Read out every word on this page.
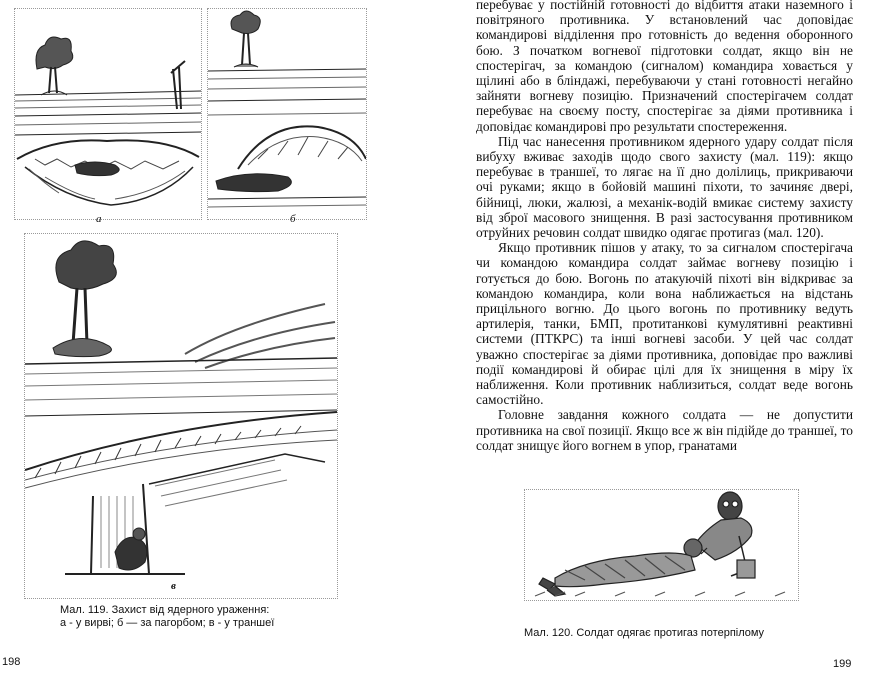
а	б
в
Мал. 119. Захист від ядерного ураження:
а - у вирві; б — за пагорбом; в - у траншеї
198

перебуває у постійній готовності до відбиття атаки наземного і повітряного противника. У встановлений час доповідає командирові відділення про готовність до ведення оборонного бою. З початком вогневої підготовки солдат, якщо він не спостерігач, за командою (сигналом) командира ховається у щілині або в бліндажі, перебуваючи у стані готовності негайно зайняти вогневу позицію. Призначений спостерігачем солдат перебуває на своєму посту, спостерігає за діями противника і доповідає командирові про результати спостереження.

Під час нанесення противником ядерного удару солдат після вибуху вживає заходів щодо свого захисту (мал. 119): якщо перебуває в траншеї, то лягає на її дно долілиць, прикриваючи очі руками; якщо в бойовій машині піхоти, то зачиняє двері, бійниці, люки, жалюзі, а механік-водій вмикає систему захисту від зброї масового знищення. В разі застосування противником отруйних речовин солдат швидко одягає протигаз (мал. 120).

Якщо противник пішов у атаку, то за сигналом спостерігача чи командою командира солдат займає вогневу позицію і готується до бою. Вогонь по атакуючій піхоті він відкриває за командою командира, коли вона наближається на відстань прицільного вогню. До цього вогонь по противнику ведуть артилерія, танки, БМП, протитанкові кумулятивні реактивні системи (ПТКРС) та інші вогневі засоби. У цей час солдат уважно спостерігає за діями противника, доповідає про важливі події командирові й обирає цілі для їх знищення в міру їх наближення. Коли противник наблизиться, солдат веде вогонь самостійно.

Головне завдання кожного солдата — не допустити противника на свої позиції. Якщо все ж він підійде до траншеї, то солдат знищує його вогнем в упор, гранатами

Мал. 120. Солдат одягає протигаз потерпілому
199
